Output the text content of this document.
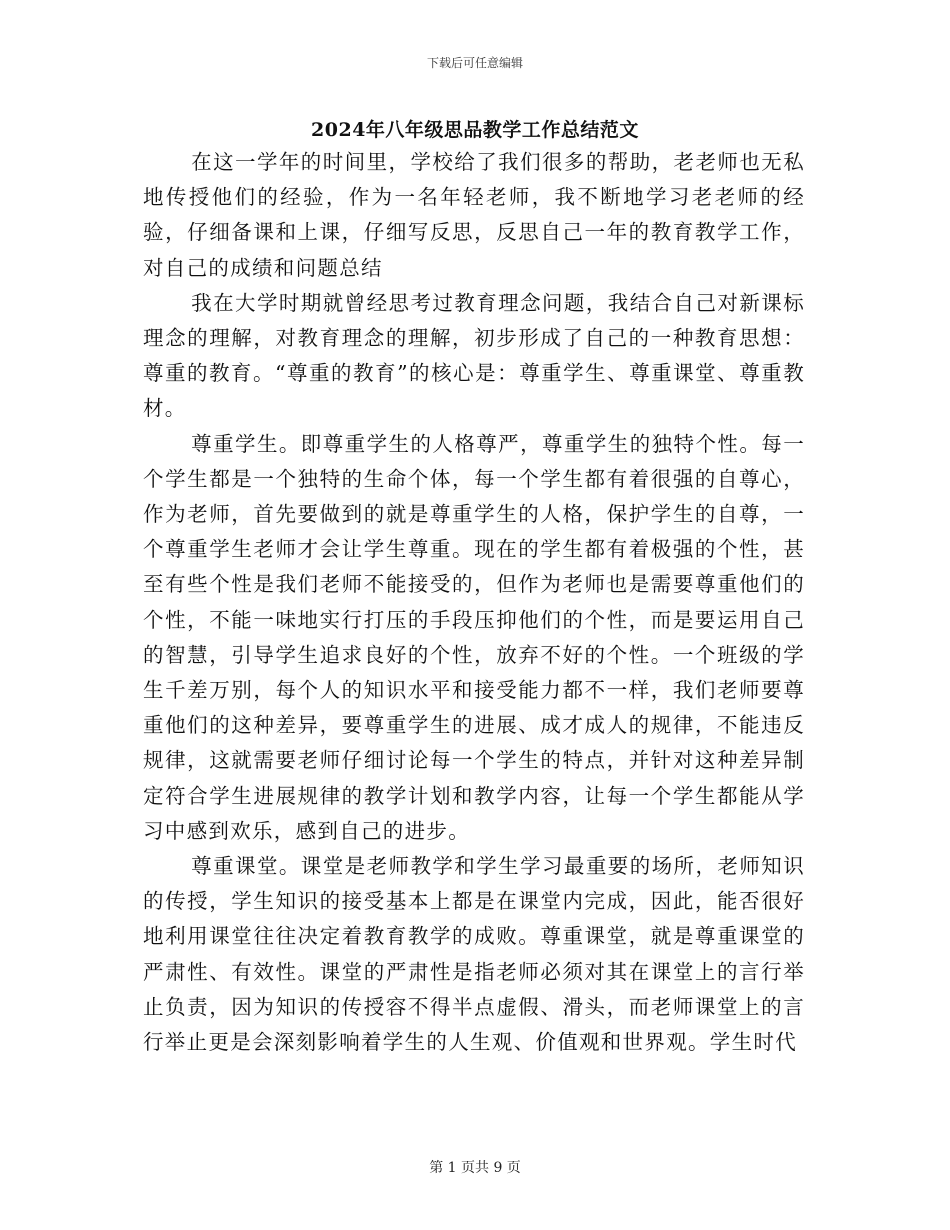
下载后可任意编辑
2024年八年级思品教学工作总结范文

在这一学年的时间里，学校给了我们很多的帮助，老老师也无私地传授他们的经验，作为一名年轻老师，我不断地学习老老师的经验，仔细备课和上课，仔细写反思，反思自己一年的教育教学工作，对自己的成绩和问题总结

我在大学时期就曾经思考过教育理念问题，我结合自己对新课标理念的理解，对教育理念的理解，初步形成了自己的一种教育思想：尊重的教育。“尊重的教育”的核心是：尊重学生、尊重课堂、尊重教材。

尊重学生。即尊重学生的人格尊严，尊重学生的独特个性。每一个学生都是一个独特的生命个体，每一个学生都有着很强的自尊心，作为老师，首先要做到的就是尊重学生的人格，保护学生的自尊，一个尊重学生老师才会让学生尊重。现在的学生都有着极强的个性，甚至有些个性是我们老师不能接受的，但作为老师也是需要尊重他们的个性，不能一味地实行打压的手段压抑他们的个性，而是要运用自己的智慧，引导学生追求良好的个性，放弃不好的个性。一个班级的学生千差万别，每个人的知识水平和接受能力都不一样，我们老师要尊重他们的这种差异，要尊重学生的进展、成才成人的规律，不能违反规律，这就需要老师仔细讨论每一个学生的特点，并针对这种差异制定符合学生进展规律的教学计划和教学内容，让每一个学生都能从学习中感到欢乐，感到自己的进步。

尊重课堂。课堂是老师教学和学生学习最重要的场所，老师知识的传授，学生知识的接受基本上都是在课堂内完成，因此，能否很好地利用课堂往往决定着教育教学的成败。尊重课堂，就是尊重课堂的严肃性、有效性。课堂的严肃性是指老师必须对其在课堂上的言行举止负责，因为知识的传授容不得半点虚假、滑头，而老师课堂上的言行举止更是会深刻影响着学生的人生观、价值观和世界观。学生时代

第 1 页共 9 页
